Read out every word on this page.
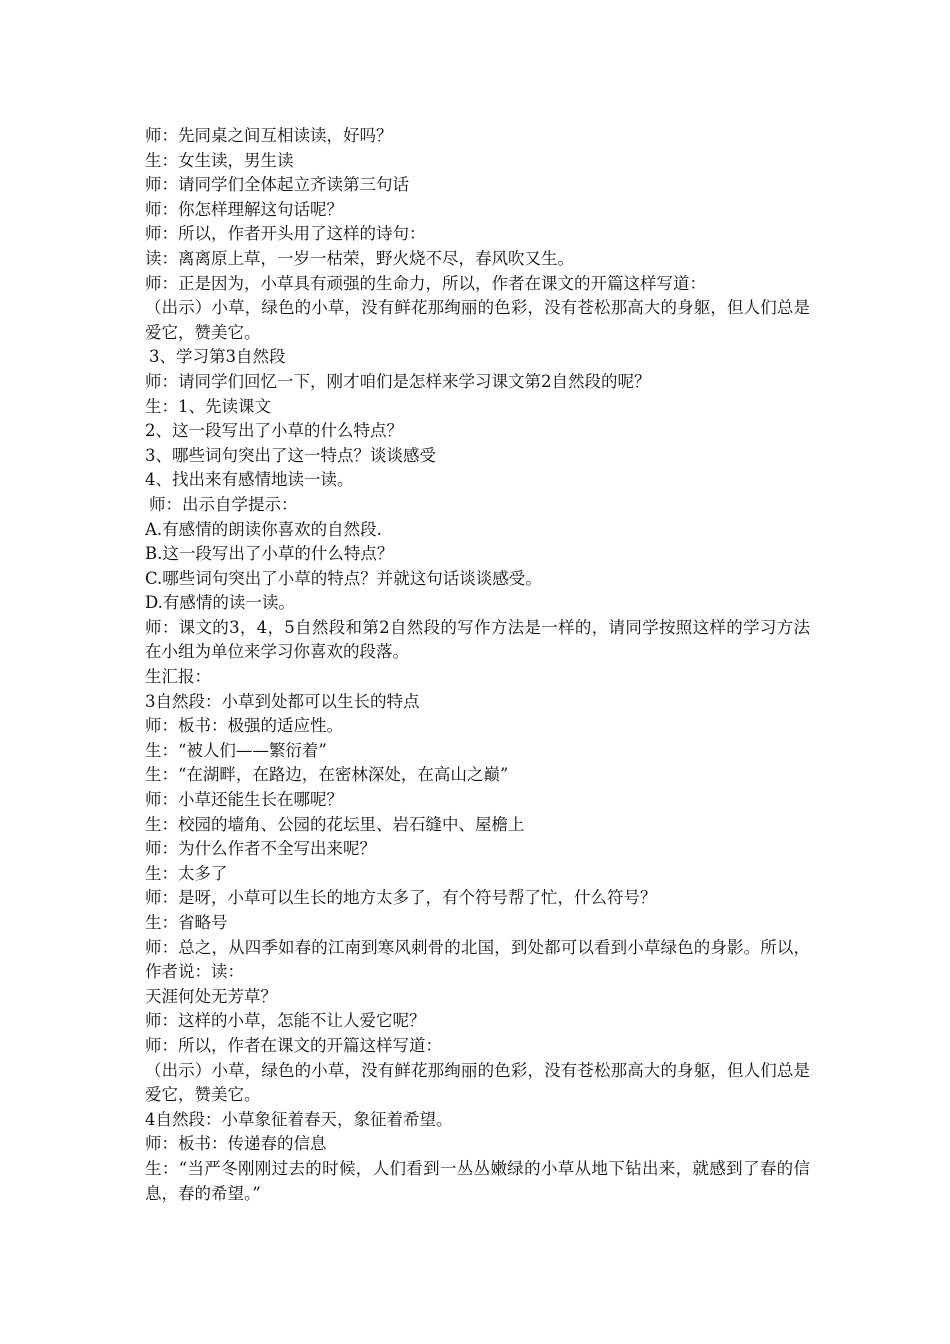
师：先同桌之间互相读读，好吗？

生：女生读，男生读

师：请同学们全体起立齐读第三句话

师：你怎样理解这句话呢？

师：所以，作者开头用了这样的诗句：

读：离离原上草，一岁一枯荣，野火烧不尽，春风吹又生。

师：正是因为，小草具有顽强的生命力，所以，作者在课文的开篇这样写道：

（出示）小草，绿色的小草，没有鲜花那绚丽的色彩，没有苍松那高大的身躯，但人们总是爱它，赞美它。

3、学习第3自然段

师：请同学们回忆一下，刚才咱们是怎样来学习课文第2自然段的呢？

生：1、先读课文

2、这一段写出了小草的什么特点？

3、哪些词句突出了这一特点？谈谈感受

4、找出来有感情地读一读。

师：出示自学提示：

A.有感情的朗读你喜欢的自然段.

B.这一段写出了小草的什么特点？

C.哪些词句突出了小草的特点？并就这句话谈谈感受。

D.有感情的读一读。

师：课文的3，4，5自然段和第2自然段的写作方法是一样的，请同学按照这样的学习方法在小组为单位来学习你喜欢的段落。

生汇报：

3自然段：小草到处都可以生长的特点

师：板书：极强的适应性。

生：“被人们——繁衍着”

生：“在湖畔，在路边，在密林深处，在高山之巅”

师：小草还能生长在哪呢？

生：校园的墙角、公园的花坛里、岩石缝中、屋檐上

师：为什么作者不全写出来呢？

生：太多了

师：是呀，小草可以生长的地方太多了，有个符号帮了忙，什么符号？

生：省略号

师：总之，从四季如春的江南到寒风刺骨的北国，到处都可以看到小草绿色的身影。所以，作者说：读：

天涯何处无芳草？

师：这样的小草，怎能不让人爱它呢？

师：所以，作者在课文的开篇这样写道：

（出示）小草，绿色的小草，没有鲜花那绚丽的色彩，没有苍松那高大的身躯，但人们总是爱它，赞美它。

4自然段：小草象征着春天，象征着希望。

师：板书：传递春的信息

生：“当严冬刚刚过去的时候，人们看到一丛丛嫩绿的小草从地下钻出来，就感到了春的信息，春的希望。”
